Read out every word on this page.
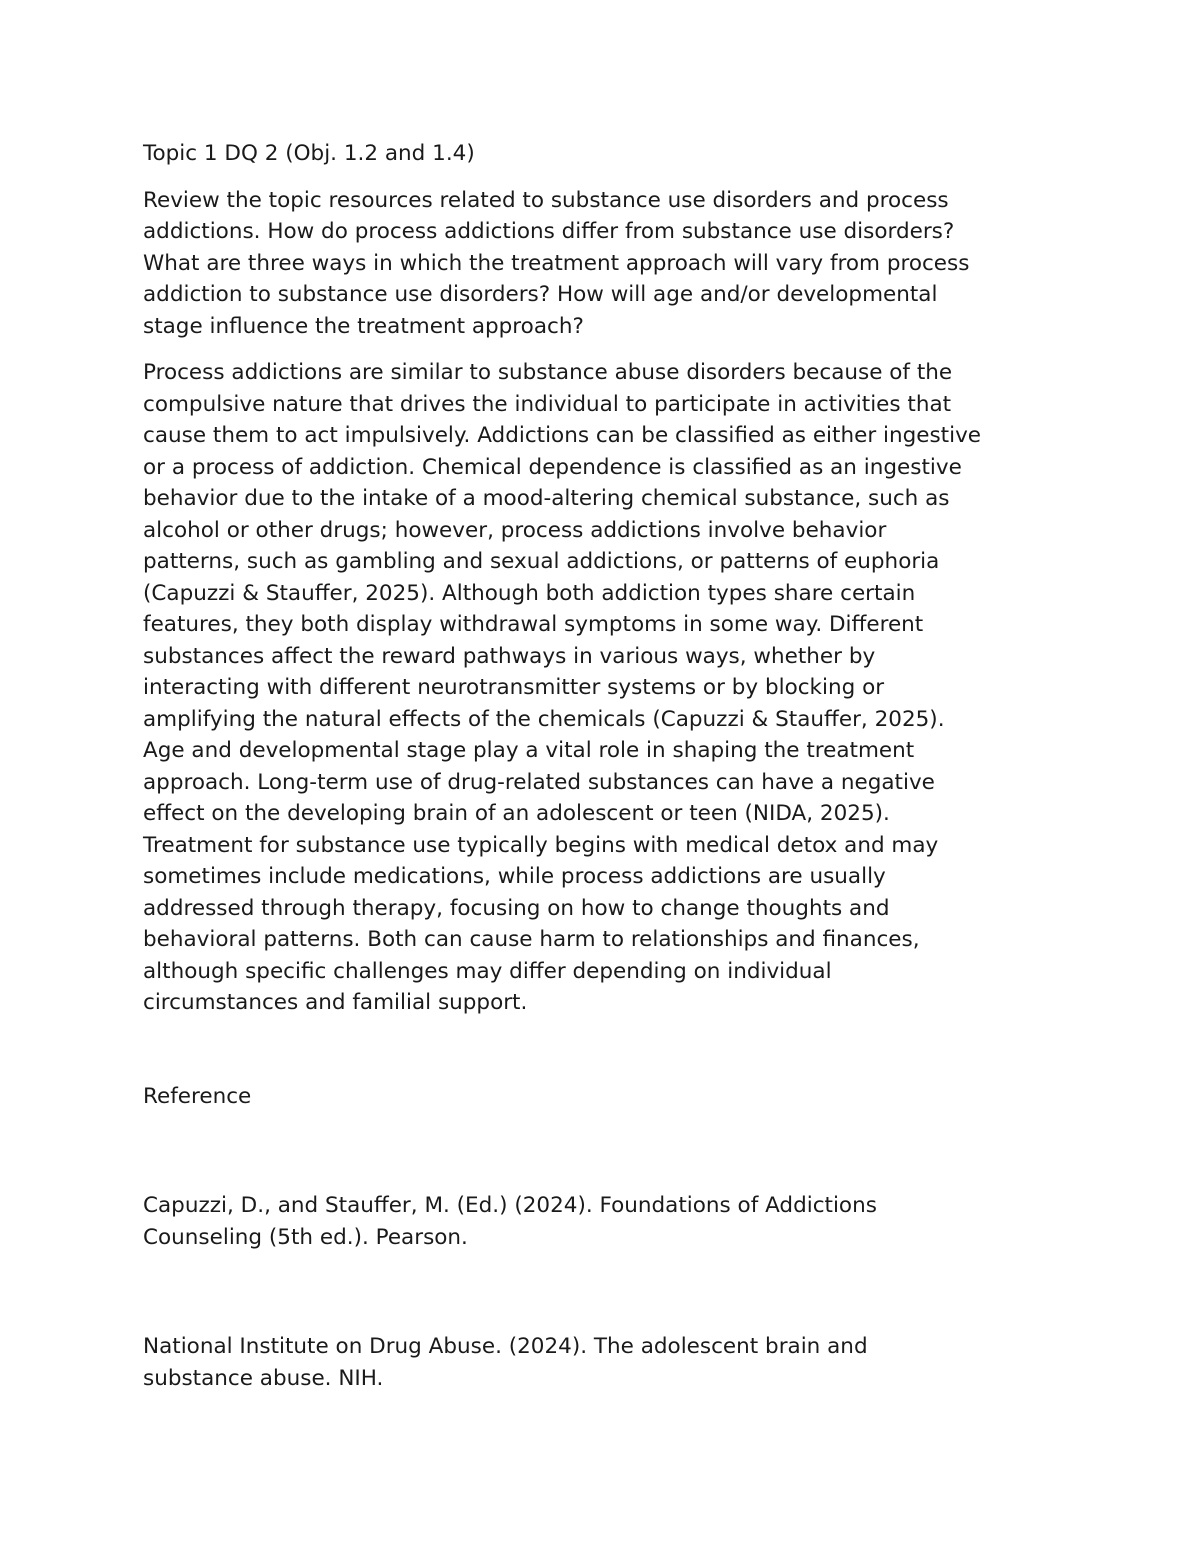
Topic 1 DQ 2 (Obj. 1.2 and 1.4)

Review the topic resources related to substance use disorders and process
addictions. How do process addictions differ from substance use disorders?
What are three ways in which the treatment approach will vary from process
addiction to substance use disorders? How will age and/or developmental
stage influence the treatment approach?

Process addictions are similar to substance abuse disorders because of the
compulsive nature that drives the individual to participate in activities that
cause them to act impulsively. Addictions can be classified as either ingestive
or a process of addiction. Chemical dependence is classified as an ingestive
behavior due to the intake of a mood-altering chemical substance, such as
alcohol or other drugs; however, process addictions involve behavior
patterns, such as gambling and sexual addictions, or patterns of euphoria
(Capuzzi & Stauffer, 2025). Although both addiction types share certain
features, they both display withdrawal symptoms in some way. Different
substances affect the reward pathways in various ways, whether by
interacting with different neurotransmitter systems or by blocking or
amplifying the natural effects of the chemicals (Capuzzi & Stauffer, 2025).
Age and developmental stage play a vital role in shaping the treatment
approach. Long-term use of drug-related substances can have a negative
effect on the developing brain of an adolescent or teen (NIDA, 2025).
Treatment for substance use typically begins with medical detox and may
sometimes include medications, while process addictions are usually
addressed through therapy, focusing on how to change thoughts and
behavioral patterns. Both can cause harm to relationships and finances,
although specific challenges may differ depending on individual
circumstances and familial support.

Reference

Capuzzi, D., and Stauffer, M. (Ed.) (2024). Foundations of Addictions
Counseling (5th ed.). Pearson.

National Institute on Drug Abuse. (2024). The adolescent brain and
substance abuse. NIH.
